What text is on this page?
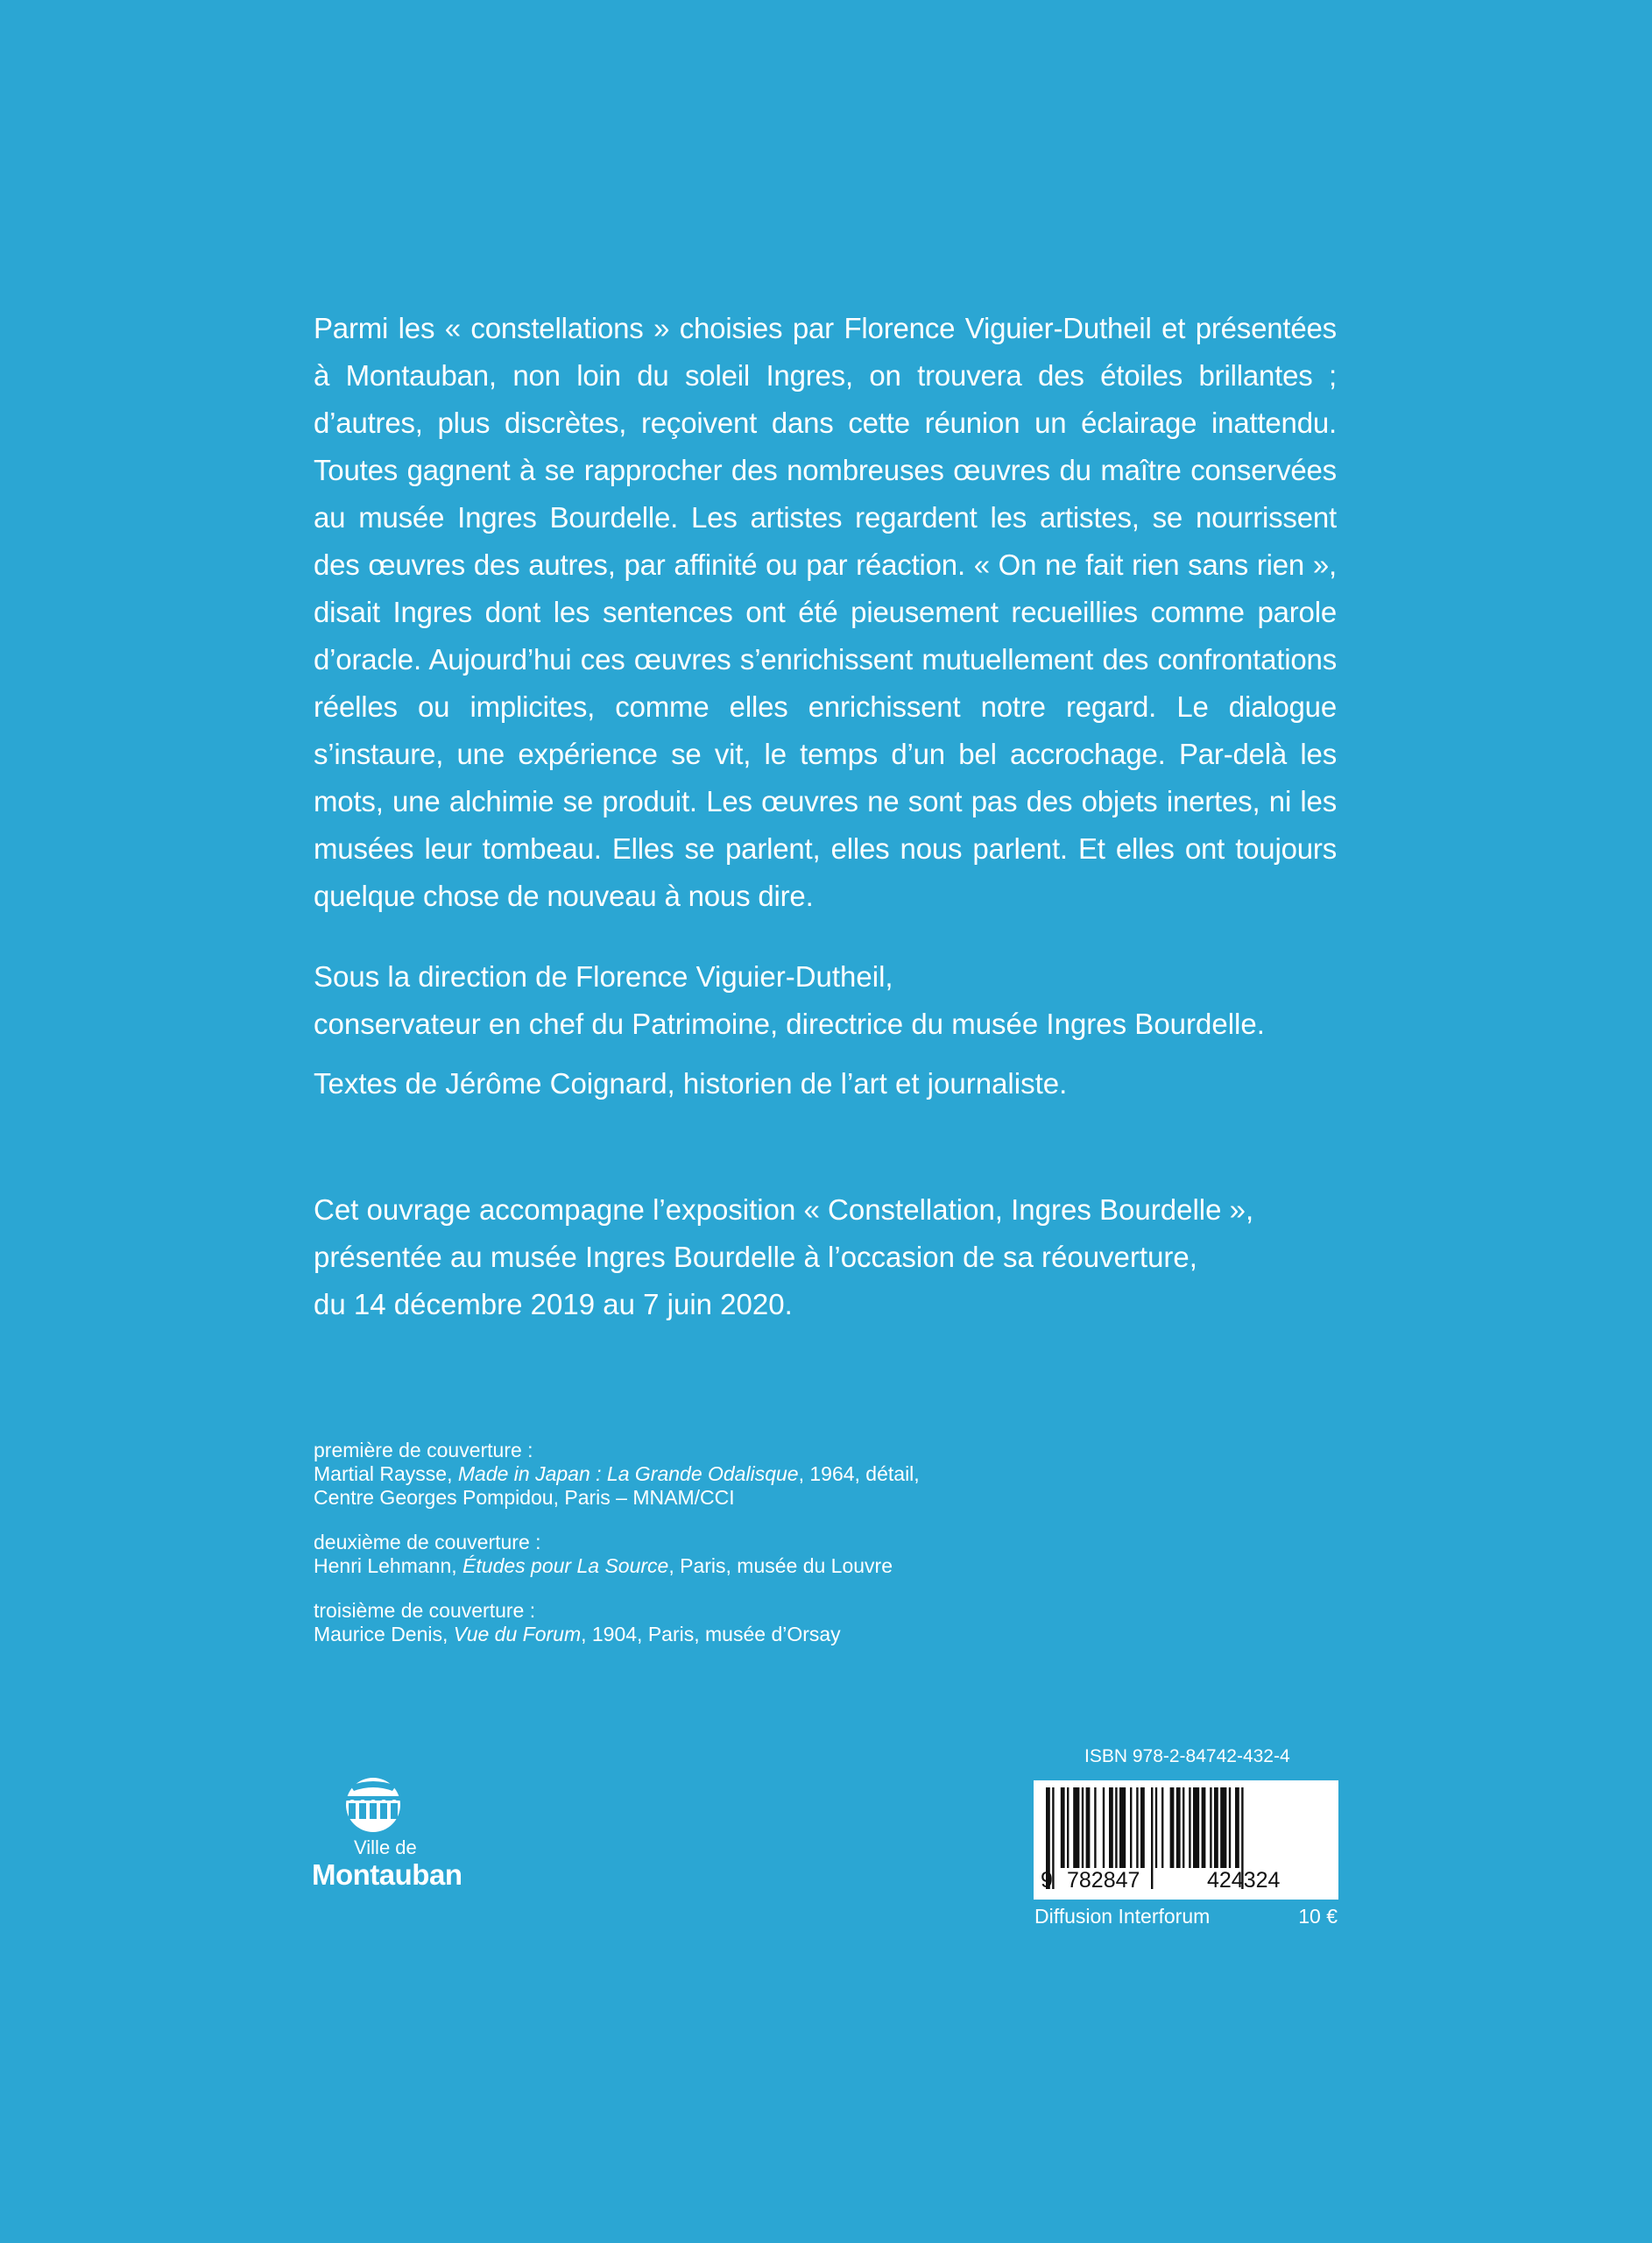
Parmi les « constellations » choisies par Florence Viguier-Dutheil et présentées à Montauban, non loin du soleil Ingres, on trouvera des étoiles brillantes ; d’autres, plus discrètes, reçoivent dans cette réunion un éclairage inattendu. Toutes gagnent à se rapprocher des nombreuses œuvres du maître conservées au musée Ingres Bourdelle. Les artistes regardent les artistes, se nourrissent des œuvres des autres, par affinité ou par réaction. « On ne fait rien sans rien », disait Ingres dont les sentences ont été pieusement recueillies comme parole d’oracle. Aujourd’hui ces œuvres s’enrichissent mutuellement des confrontations réelles ou implicites, comme elles enrichissent notre regard. Le dialogue s’instaure, une expérience se vit, le temps d’un bel accrochage. Par-delà les mots, une alchimie se produit. Les œuvres ne sont pas des objets inertes, ni les musées leur tombeau. Elles se parlent, elles nous parlent. Et elles ont toujours quelque chose de nouveau à nous dire.

Sous la direction de Florence Viguier-Dutheil,

conservateur en chef du Patrimoine, directrice du musée Ingres Bourdelle.

Textes de Jérôme Coignard, historien de l’art et journaliste.

Cet ouvrage accompagne l’exposition « Constellation, Ingres Bourdelle »,

présentée au musée Ingres Bourdelle à l’occasion de sa réouverture,

du 14 décembre 2019 au 7 juin 2020.

première de couverture :
Martial Raysse, Made in Japan : La Grande Odalisque, 1964, détail,
Centre Georges Pompidou, Paris – MNAM/CCI
deuxième de couverture :
Henri Lehmann, Études pour La Source, Paris, musée du Louvre
troisième de couverture :
Maurice Denis, Vue du Forum, 1904, Paris, musée d’Orsay
Ville de
Montauban
ISBN 978-2-84742-432-4
9 782847	424324
Diffusion Interforum	10 €
